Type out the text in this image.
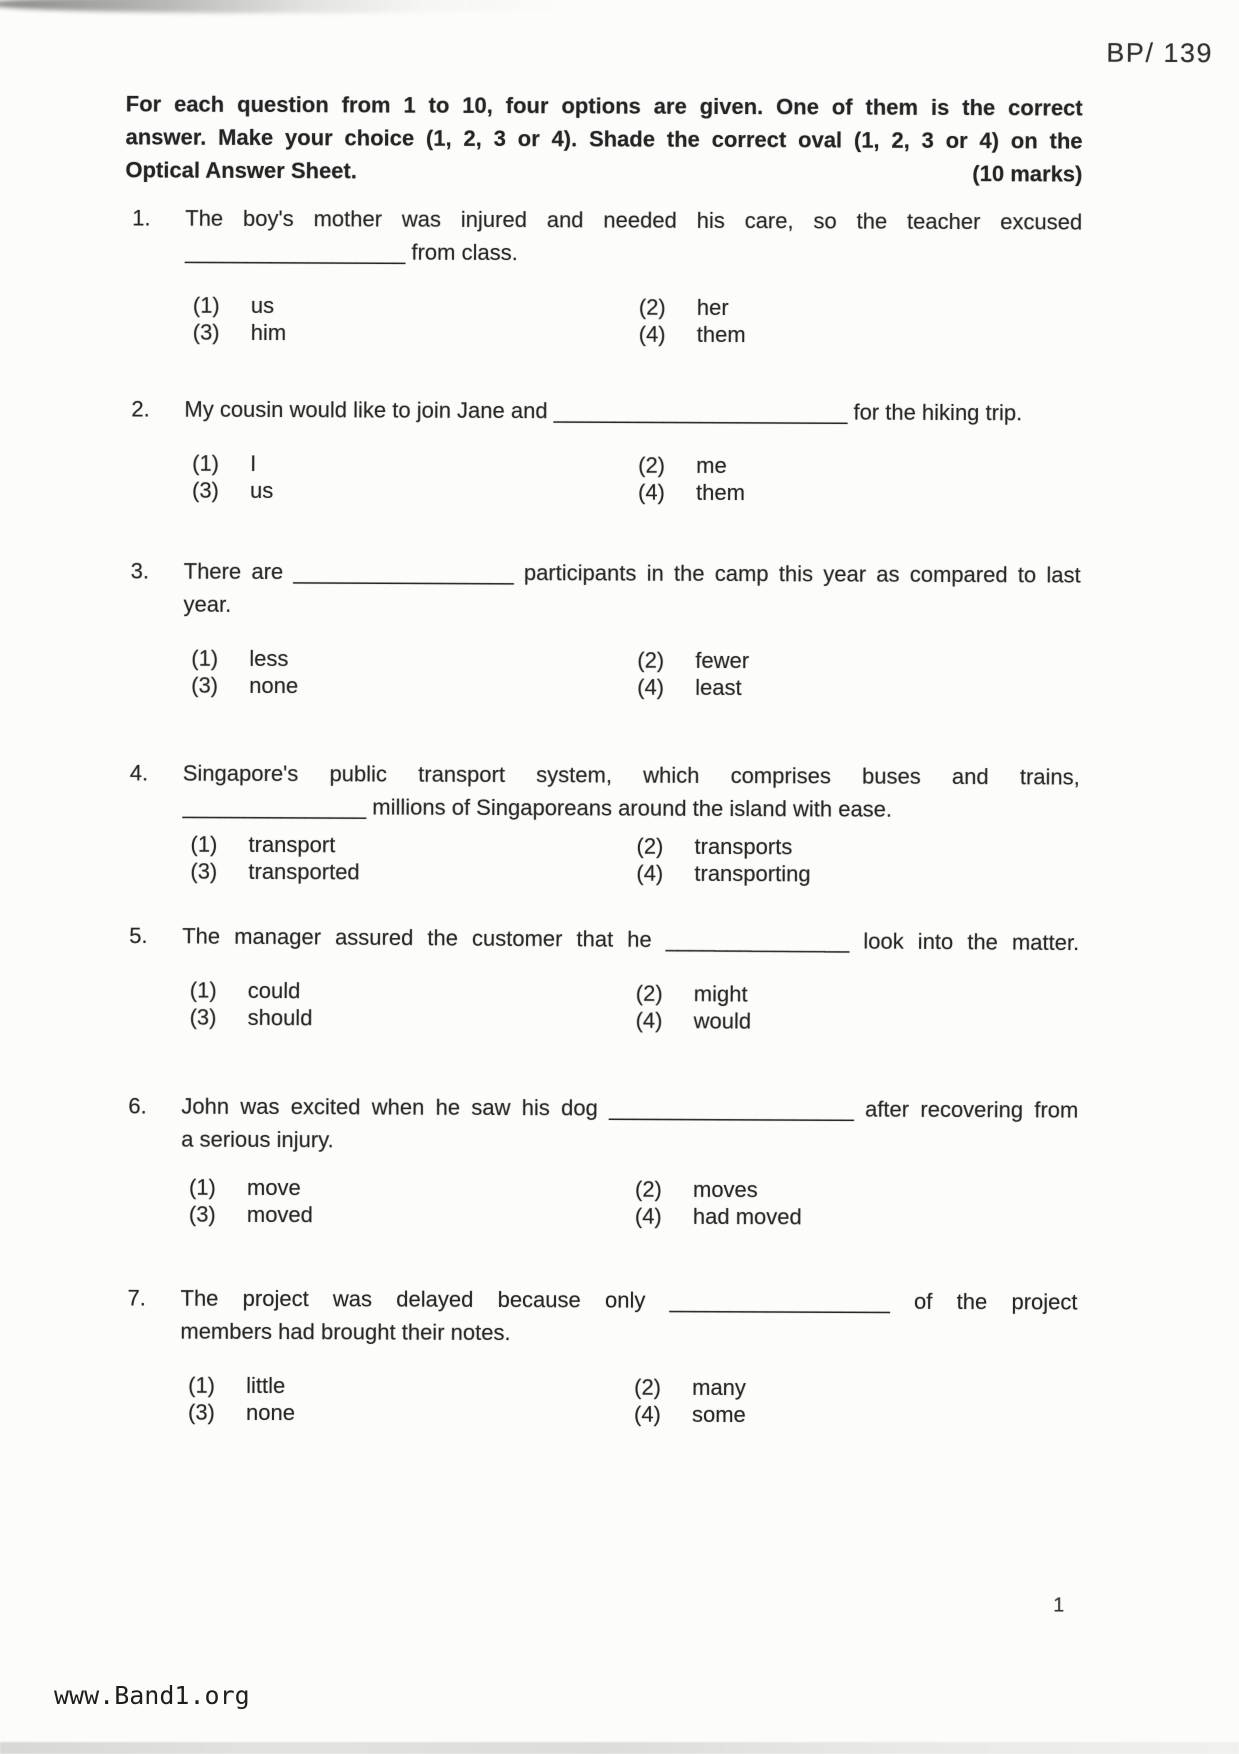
BP/ 139
For each question from 1 to 10, four options are given. One of them is the correct
answer. Make your choice (1, 2, 3 or 4). Shade the correct oval (1, 2, 3 or 4) on the
Optical Answer Sheet.	(10 marks)
1.	The boy's mother was injured and needed his care, so the teacher excused
__________________ from class.
(1)	us	(2)	her
(3)	him	(4)	them
2.	My cousin would like to join Jane and ________________________ for the hiking trip.
(1)	I	(2)	me
(3)	us	(4)	them
3.	There are __________________ participants in the camp this year as compared to last
year.
(1)	less	(2)	fewer
(3)	none	(4)	least
4.	Singapore's public transport system, which comprises buses and trains,
_______________ millions of Singaporeans around the island with ease.
(1)	transport	(2)	transports
(3)	transported	(4)	transporting
5.	The manager assured the customer that he _______________ look into the matter.
(1)	could	(2)	might
(3)	should	(4)	would
6.	John was excited when he saw his dog ____________________ after recovering from
a serious injury.
(1)	move	(2)	moves
(3)	moved	(4)	had moved
7.	The project was delayed because only __________________ of the project
members had brought their notes.
(1)	little	(2)	many
(3)	none	(4)	some
1
www.Band1.org
